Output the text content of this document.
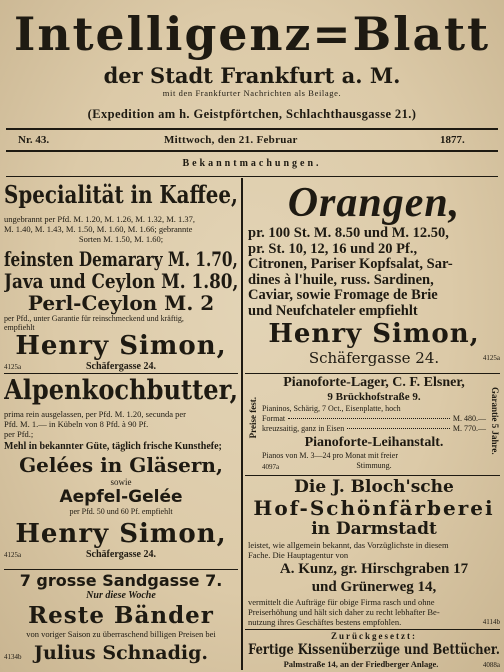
Intelligenz=Blatt
der Stadt Frankfurt a. M.
mit den Frankfurter Nachrichten als Beilage.
(Expedition am h. Geistpförtchen, Schlachthausgasse 21.)
Nr. 43.	Mittwoch, den 21. Februar	1877.
Bekanntmachungen.
Specialität in Kaffee,
ungebrannt per Pfd. M. 1.20, M. 1.26, M. 1.32, M. 1.37,
M. 1.40, M. 1.43, M. 1.50, M. 1.60, M. 1.66; gebrannte
Sorten M. 1.50, M. 1.60;
feinsten Demarary M. 1.70,
Java und Ceylon M. 1.80,
Perl-Ceylon M. 2
per Pfd., unter Garantie für reinschmeckend und kräftig,
empfiehlt
Henry Simon,
4125a	Schäfergasse 24.
Alpenkochbutter,
prima rein ausgelassen, per Pfd. M. 1.20, secunda per
Pfd. M. 1.— in Kübeln von 8 Pfd. à 90 Pf.
per Pfd.;
Mehl in bekannter Güte, täglich frische Kunsthefe;
Gelées in Gläsern,
sowie
Aepfel-Gelée
per Pfd. 50 und 60 Pf. empfiehlt
Henry Simon,
4125a	Schäfergasse 24.
7 grosse Sandgasse 7.
Nur diese Woche
Reste Bänder
von voriger Saison zu überraschend billigen Preisen bei
4134b Julius Schnadig.
Orangen,
pr. 100 St. M. 8.50 und M. 12.50,
pr. St. 10, 12, 16 und 20 Pf.,
Citronen, Pariser Kopfsalat, Sar-
dines à l'huile, russ. Sardinen,
Caviar, sowie Fromage de Brie
und Neufchateler empfiehlt
Henry Simon,
Schäfergasse 24.	4125a
Preise fest.	Garantie 5 Jahre.
Pianoforte-Lager, C. F. Elsner,
9 Brückhofstraße 9.
Pianinos, Schärig, 7 Oct., Eisenplatte, hoch
Format	M. 480.—
kreuzsaitig, ganz in Eisen	M. 770.—
Pianoforte-Leihanstalt.
Pianos von M. 3—24 pro Monat mit freier
Stimmung.
4097a
Die J. Bloch'sche
Hof-Schönfärberei
in Darmstadt
leistet, wie allgemein bekannt, das Vorzüglichste in diesem
Fache. Die Hauptagentur von
A. Kunz, gr. Hirschgraben 17
und Grünerweg 14,
vermittelt die Aufträge für obige Firma rasch und ohne
Preiserhöhung und hält sich daher zu recht lebhafter Be-
nutzung ihres Geschäftes bestens empfohlen.	4114b
Zurückgesetzt:
Fertige Kissenüberzüge und Bettücher.
Palmstraße 14, an der Friedberger Anlage.	4088a
